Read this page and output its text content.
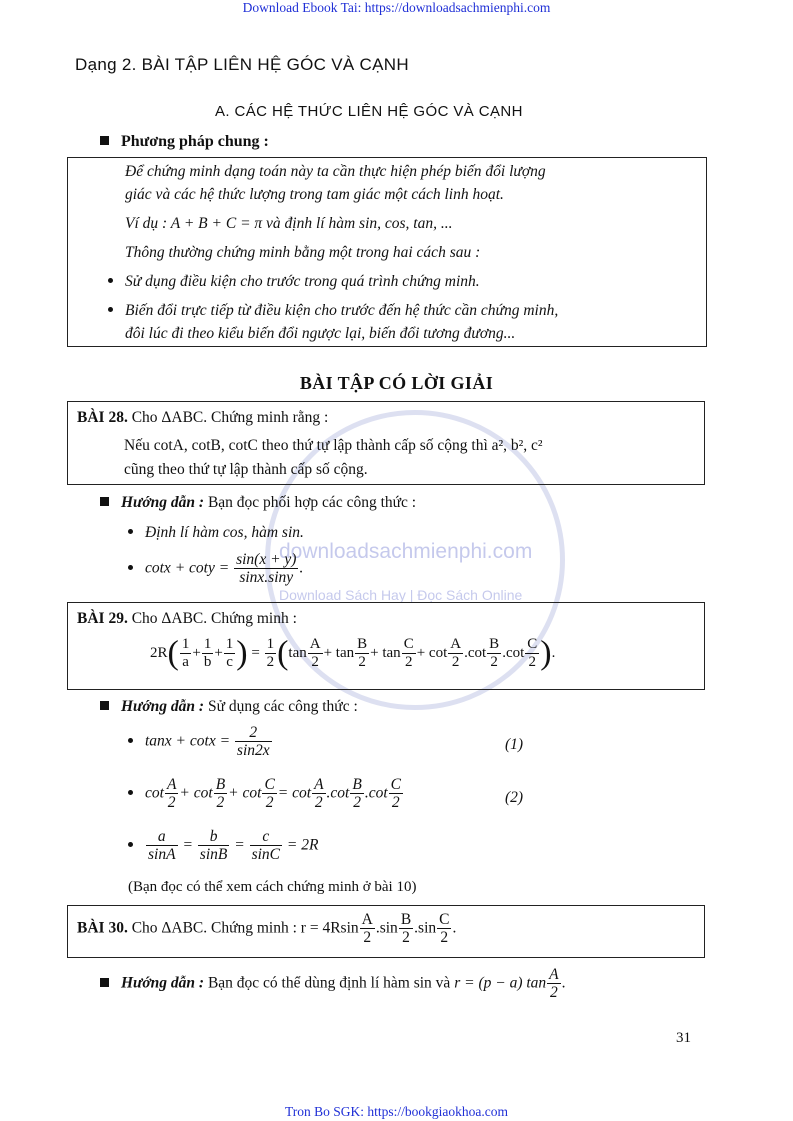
Download Ebook Tai: https://downloadsachmienphi.com
Dạng 2. BÀI TẬP LIÊN HỆ GÓC VÀ CẠNH
A. CÁC HỆ THỨC LIÊN HỆ GÓC VÀ CẠNH
Phương pháp chung :
Để chứng minh dạng toán này ta cần thực hiện phép biến đổi lượng
giác và các hệ thức lượng trong tam giác một cách linh hoạt.
Ví dụ : A + B + C = π và định lí hàm sin, cos, tan, ...
Thông thường chứng minh bằng một trong hai cách sau :
Sử dụng điều kiện cho trước trong quá trình chứng minh.
Biến đổi trực tiếp từ điều kiện cho trước đến hệ thức cần chứng minh,
đôi lúc đi theo kiểu biến đổi ngược lại, biến đổi tương đương...
BÀI TẬP CÓ LỜI GIẢI
downloadsachmienphi.com
Download Sách Hay | Đọc Sách Online
BÀI 28. Cho ΔABC. Chứng minh rằng :
Nếu cotA, cotB, cotC theo thứ tự lập thành cấp số cộng thì a², b², c²
cũng theo thứ tự lập thành cấp số cộng.
Hướng dẫn : Bạn đọc phối hợp các công thức :
Định lí hàm cos, hàm sin.
$\cot x + \cot y = \frac{\sin(x + y)}{\sin x.\sin y}$ .
BÀI 29. Cho ΔABC. Chứng minh :
$2R( \frac{1}{a} + \frac{1}{b} + \frac{1}{c}$ ) = $\frac{1}{2} (\tan \frac{A}{2} + \tan \frac{B}{2} + \tan \frac{C}{2} + \cot \frac{A}{2} .\cot \frac{B}{2} .\cot \frac{C}{2}$ ).
Hướng dẫn : Sử dụng các công thức :
$\tan x + \cot x = \frac{2}{\sin 2x}$	(1)
$\cot \frac{A}{2} + \cot \frac{B}{2} + \cot \frac{C}{2} = \cot \frac{A}{2} .\cot \frac{B}{2} .\cot \frac{C}{2}$	(2)
$\frac{a}{\sin A} = \frac{b}{\sin B} = \frac{c}{\sin C} = 2R$
(Bạn đọc có thể xem cách chứng minh ở bài 10)
BÀI 30. Cho ΔABC. Chứng minh : $r = 4Rsin \frac{A}{2} .\sin \frac{B}{2} .\sin \frac{C}{2}$ .
Hướng dẫn : Bạn đọc có thể dùng định lí hàm sin và r = (p − a) $\tan \frac{A}{2}$ .
31
Tron Bo SGK: https://bookgiaokhoa.com
